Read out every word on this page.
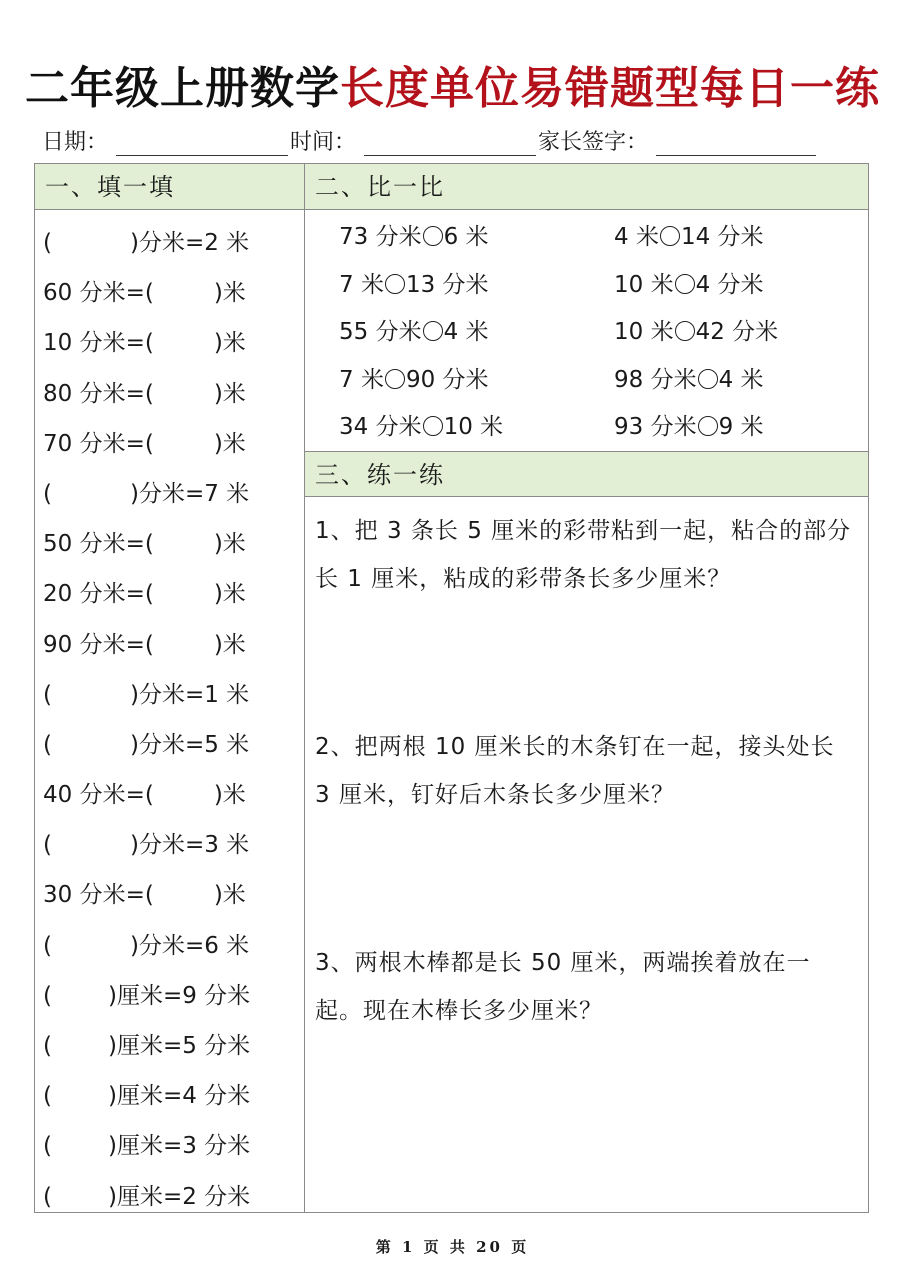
二年级上册数学长度单位易错题型每日一练
日期：	时间：	家长签字：
一、填一填
(	)分米=2 米
60 分米=(	)米
10 分米=(	)米
80 分米=(	)米
70 分米=(	)米
(	)分米=7 米
50 分米=(	)米
20 分米=(	)米
90 分米=(	)米
(	)分米=1 米
(	)分米=5 米
40 分米=(	)米
(	)分米=3 米
30 分米=(	)米
(	)分米=6 米
( )厘米=9 分米
( )厘米=5 分米
( )厘米=4 分米
( )厘米=3 分米
( )厘米=2 分米
二、比一比
73 分米 6 米	4 米 14 分米
7 米 13 分米	10 米 4 分米
55 分米 4 米	10 米 42 分米
7 米 90 分米	98 分米 4 米
34 分米 10 米	93 分米 9 米
三、练一练
1、把 3 条长 5 厘米的彩带粘到一起，粘合的部分长 1 厘米，粘成的彩带条长多少厘米？
2、把两根 10 厘米长的木条钉在一起，接头处长 3 厘米，钉好后木条长多少厘米？
3、两根木棒都是长 50 厘米，两端挨着放在一起。现在木棒长多少厘米？
第 1 页 共 20 页
